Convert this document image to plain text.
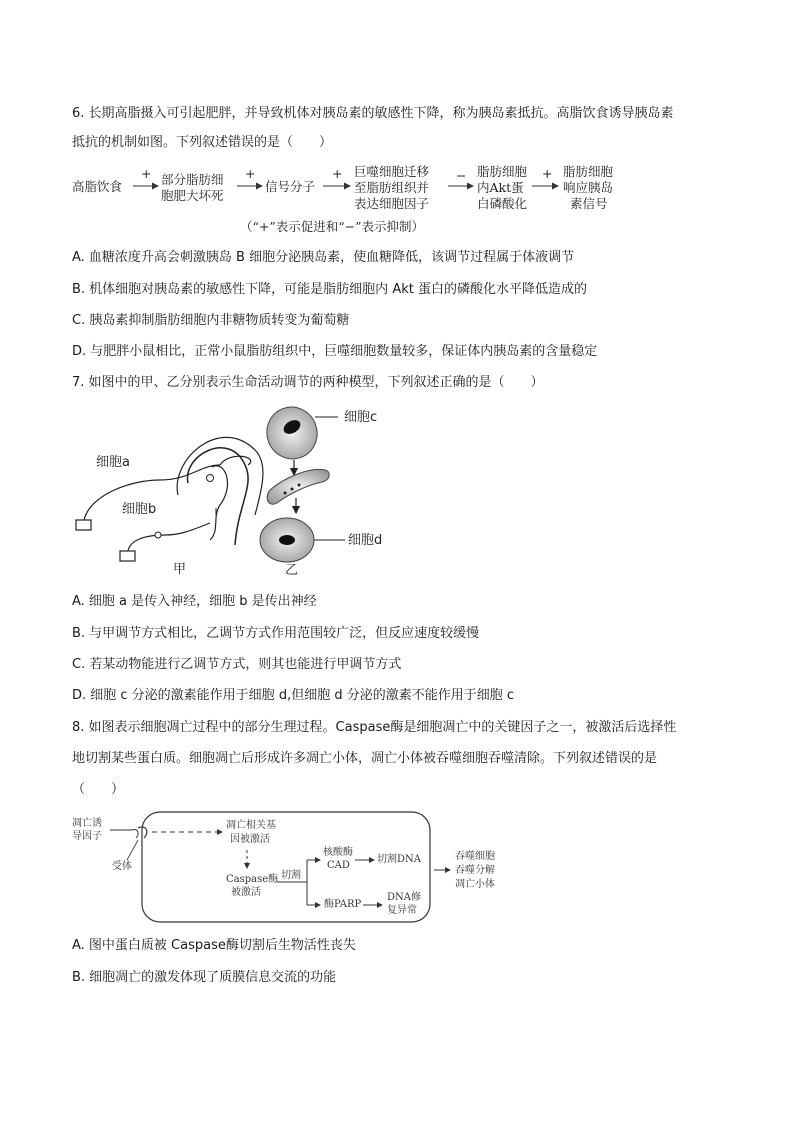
6. 长期高脂摄入可引起肥胖，并导致机体对胰岛素的敏感性下降，称为胰岛素抵抗。高脂饮食诱导胰岛素
抵抗的机制如图。下列叙述错误的是（　　）
高脂饮食
+ 部分脂肪细
胞肥大坏死
+
信号分子
+ 巨噬细胞迁移
至脂肪组织并
表达细胞因子
− 脂肪细胞
内Akt蛋
白磷酸化
+ 脂肪细胞
响应胰岛
素信号
（“+”表示促进和“−”表示抑制）
A. 血糖浓度升高会刺激胰岛 B 细胞分泌胰岛素，使血糖降低，该调节过程属于体液调节
B. 机体细胞对胰岛素的敏感性下降，可能是脂肪细胞内 Akt 蛋白的磷酸化水平降低造成的
C. 胰岛素抑制脂肪细胞内非糖物质转变为葡萄糖
D. 与肥胖小鼠相比，正常小鼠脂肪组织中，巨噬细胞数量较多，保证体内胰岛素的含量稳定
7. 如图中的甲、乙分别表示生命活动调节的两种模型，下列叙述正确的是（　　）
细胞a
细胞b
细胞c
细胞d
甲	乙
A. 细胞 a 是传入神经，细胞 b 是传出神经
B. 与甲调节方式相比，乙调节方式作用范围较广泛，但反应速度较缓慢
C. 若某动物能进行乙调节方式，则其也能进行甲调节方式
D. 细胞 c 分泌的激素能作用于细胞 d,但细胞 d 分泌的激素不能作用于细胞 c
8. 如图表示细胞凋亡过程中的部分生理过程。Caspase酶是细胞凋亡中的关键因子之一，被激活后选择性
地切割某些蛋白质。细胞凋亡后形成许多凋亡小体，凋亡小体被吞噬细胞吞噬清除。下列叙述错误的是
（　　）
凋亡诱
导因子
受体
凋亡相关基
因被激活
Caspase酶
被激活
切割
核酸酶
CAD
切割DNA
酶PARP
DNA修
复异常
吞噬细胞
吞噬分解
凋亡小体
A. 图中蛋白质被 Caspase酶切割后生物活性丧失
B. 细胞凋亡的激发体现了质膜信息交流的功能
